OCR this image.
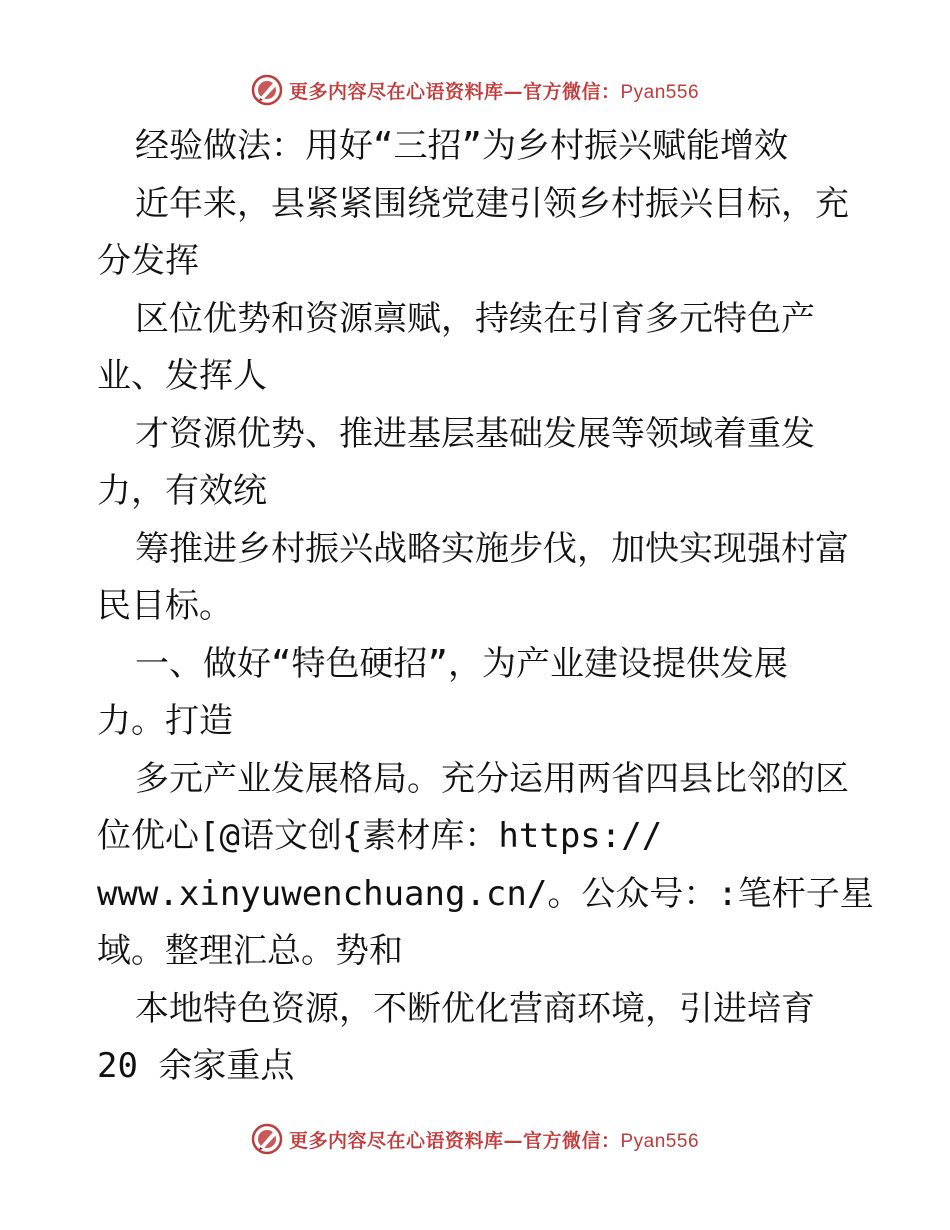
更多内容尽在心语资料库—官方微信：Pyan556
经验做法：用好“三招”为乡村振兴赋能增效
近年来，县紧紧围绕党建引领乡村振兴目标，充
分发挥
区位优势和资源禀赋，持续在引育多元特色产
业、发挥人
才资源优势、推进基层基础发展等领域着重发
力，有效统
筹推进乡村振兴战略实施步伐，加快实现强村富
民目标。
一、做好“特色硬招”，为产业建设提供发展
力。打造
多元产业发展格局。充分运用两省四县比邻的区
位优心[@语文创{素材库：https://
www.xinyuwenchuang.cn/。公众号：:笔杆子星
域。整理汇总。势和
本地特色资源，不断优化营商环境，引进培育
20 余家重点
更多内容尽在心语资料库—官方微信：Pyan556
